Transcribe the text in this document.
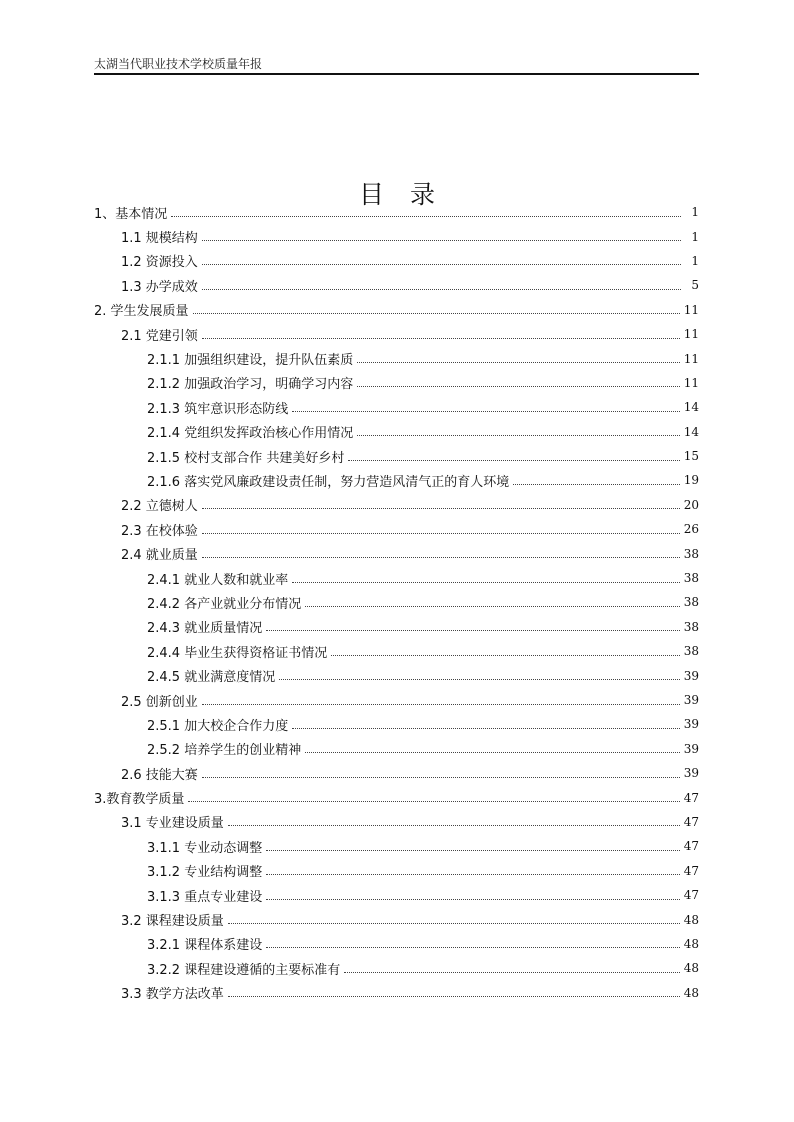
太湖当代职业技术学校质量年报
目录
1、基本情况	1
1.1 规模结构	1
1.2 资源投入	1
1.3 办学成效	5
2. 学生发展质量	11
2.1 党建引领	11
2.1.1 加强组织建设，提升队伍素质	11
2.1.2 加强政治学习，明确学习内容	11
2.1.3 筑牢意识形态防线	14
2.1.4 党组织发挥政治核心作用情况	14
2.1.5 校村支部合作 共建美好乡村	15
2.1.6 落实党风廉政建设责任制，努力营造风清气正的育人环境	19
2.2 立德树人	20
2.3 在校体验	26
2.4 就业质量	38
2.4.1 就业人数和就业率	38
2.4.2 各产业就业分布情况	38
2.4.3 就业质量情况	38
2.4.4 毕业生获得资格证书情况	38
2.4.5 就业满意度情况	39
2.5 创新创业	39
2.5.1 加大校企合作力度	39
2.5.2 培养学生的创业精神	39
2.6 技能大赛	39
3.教育教学质量	47
3.1 专业建设质量	47
3.1.1 专业动态调整	47
3.1.2 专业结构调整	47
3.1.3 重点专业建设	47
3.2 课程建设质量	48
3.2.1 课程体系建设	48
3.2.2 课程建设遵循的主要标准有	48
3.3 教学方法改革	48
